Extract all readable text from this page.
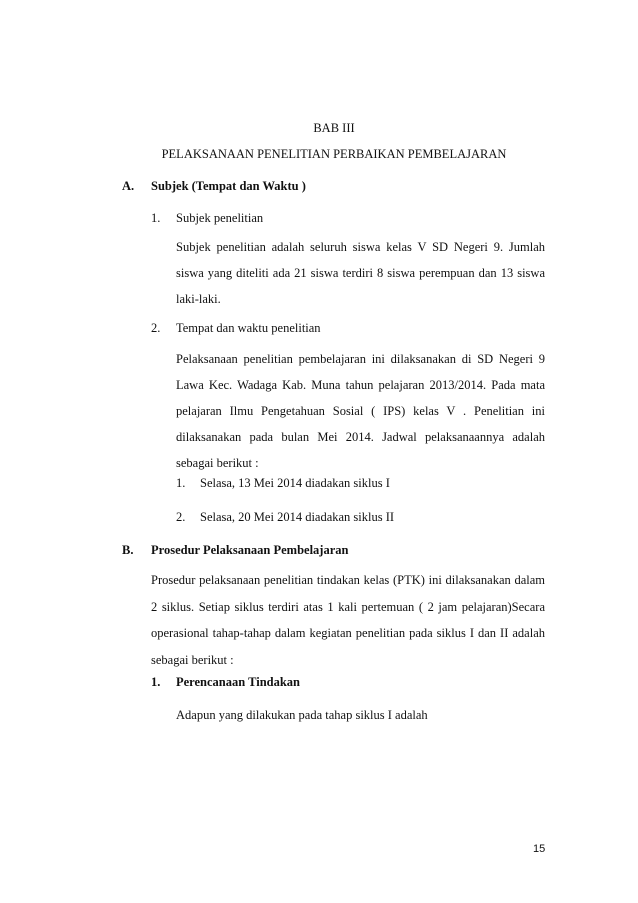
BAB III
PELAKSANAAN PENELITIAN PERBAIKAN PEMBELAJARAN
A. Subjek (Tempat dan Waktu )
1. Subjek penelitian
Subjek penelitian adalah seluruh siswa kelas V SD Negeri 9. Jumlah siswa yang diteliti ada 21 siswa terdiri 8 siswa perempuan dan 13 siswa laki-laki.
2. Tempat dan waktu penelitian
Pelaksanaan penelitian pembelajaran ini dilaksanakan di SD Negeri 9 Lawa Kec. Wadaga Kab. Muna tahun pelajaran 2013/2014. Pada mata pelajaran Ilmu Pengetahuan Sosial ( IPS) kelas V . Penelitian ini dilaksanakan pada bulan Mei 2014. Jadwal pelaksanaannya adalah sebagai berikut :
1. Selasa, 13 Mei 2014 diadakan siklus I
2. Selasa, 20 Mei 2014 diadakan siklus II
B. Prosedur Pelaksanaan Pembelajaran
Prosedur pelaksanaan penelitian tindakan kelas (PTK) ini dilaksanakan dalam 2 siklus. Setiap siklus terdiri atas 1 kali pertemuan ( 2 jam pelajaran)Secara operasional tahap-tahap dalam kegiatan penelitian pada siklus I dan II adalah sebagai berikut :
1. Perencanaan Tindakan
Adapun yang dilakukan pada tahap siklus I adalah
15
